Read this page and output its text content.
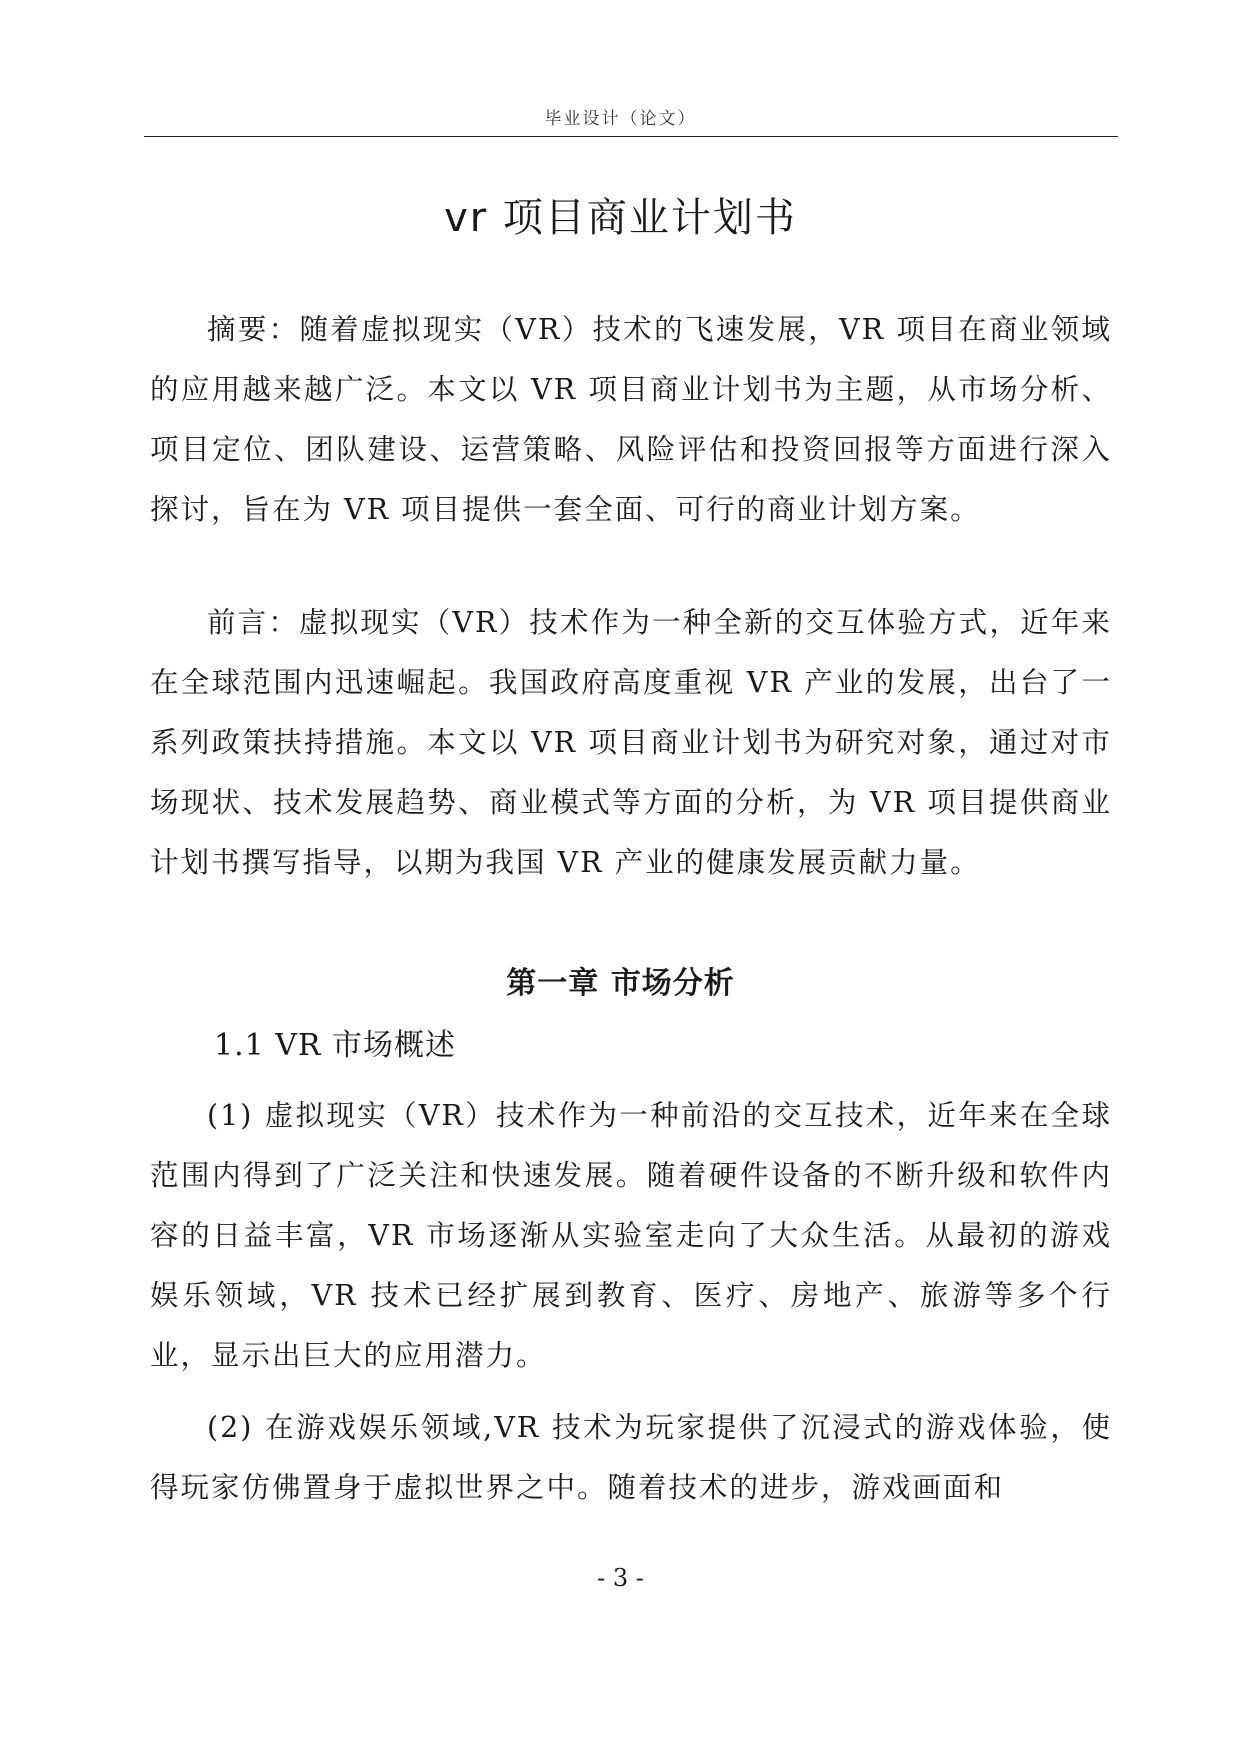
毕业设计（论文）
vr 项目商业计划书

摘要：随着虚拟现实（VR）技术的飞速发展，VR 项目在商业领域的应用越来越广泛。本文以 VR 项目商业计划书为主题，从市场分析、项目定位、团队建设、运营策略、风险评估和投资回报等方面进行深入探讨，旨在为 VR 项目提供一套全面、可行的商业计划方案。

前言：虚拟现实（VR）技术作为一种全新的交互体验方式，近年来在全球范围内迅速崛起。我国政府高度重视 VR 产业的发展，出台了一系列政策扶持措施。本文以 VR 项目商业计划书为研究对象，通过对市场现状、技术发展趋势、商业模式等方面的分析，为 VR 项目提供商业计划书撰写指导，以期为我国 VR 产业的健康发展贡献力量。

第一章 市场分析
1.1 VR 市场概述

(1) 虚拟现实（VR）技术作为一种前沿的交互技术，近年来在全球范围内得到了广泛关注和快速发展。随着硬件设备的不断升级和软件内容的日益丰富，VR 市场逐渐从实验室走向了大众生活。从最初的游戏娱乐领域，VR 技术已经扩展到教育、医疗、房地产、旅游等多个行业，显示出巨大的应用潜力。

(2) 在游戏娱乐领域,VR 技术为玩家提供了沉浸式的游戏体验，使得玩家仿佛置身于虚拟世界之中。随着技术的进步，游戏画面和

- 3 -
